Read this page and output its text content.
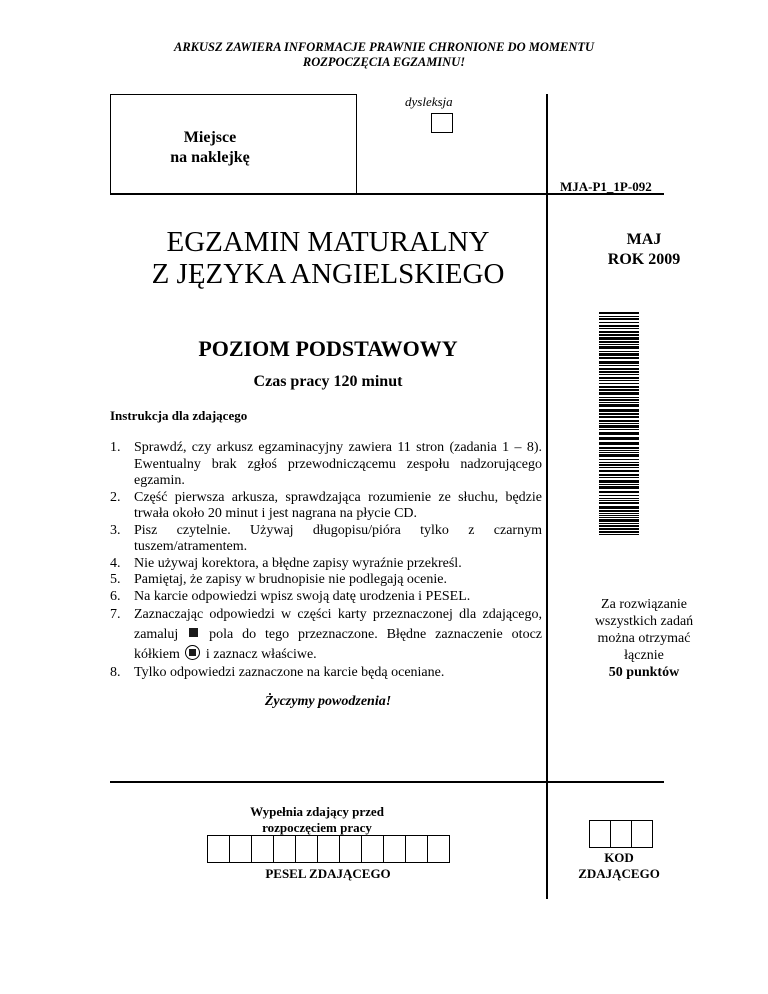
ARKUSZ ZAWIERA INFORMACJE PRAWNIE CHRONIONE DO MOMENTU
ROZPOCZĘCIA EGZAMINU!
Miejsce
na naklejkę
dysleksja
MJA-P1_1P-092
EGZAMIN MATURALNY
Z JĘZYKA ANGIELSKIEGO
MAJ
ROK 2009
POZIOM PODSTAWOWY
Czas pracy 120 minut
Instrukcja dla zdającego
1. Sprawdź, czy arkusz egzaminacyjny zawiera 11 stron (zadania 1 – 8). Ewentualny brak zgłoś przewodniczącemu zespołu nadzorującego egzamin.
2. Część pierwsza arkusza, sprawdzająca rozumienie ze słuchu, będzie trwała około 20 minut i jest nagrana na płycie CD.
3. Pisz czytelnie. Używaj długopisu/pióra tylko z czarnym tuszem/atramentem.
4. Nie używaj korektora, a błędne zapisy wyraźnie przekreśl.
5. Pamiętaj, że zapisy w brudnopisie nie podlegają ocenie.
6. Na karcie odpowiedzi wpisz swoją datę urodzenia i PESEL.
7. Zaznaczając odpowiedzi w części karty przeznaczonej dla zdającego, zamaluj pola do tego przeznaczone. Błędne zaznaczenie otocz kółkiem i zaznacz właściwe.
8. Tylko odpowiedzi zaznaczone na karcie będą oceniane.
Za rozwiązanie
wszystkich zadań
można otrzymać
łącznie
50 punktów
Życzymy powodzenia!
Wypełnia zdający przed
rozpoczęciem pracy
PESEL ZDAJĄCEGO
KOD
ZDAJĄCEGO
